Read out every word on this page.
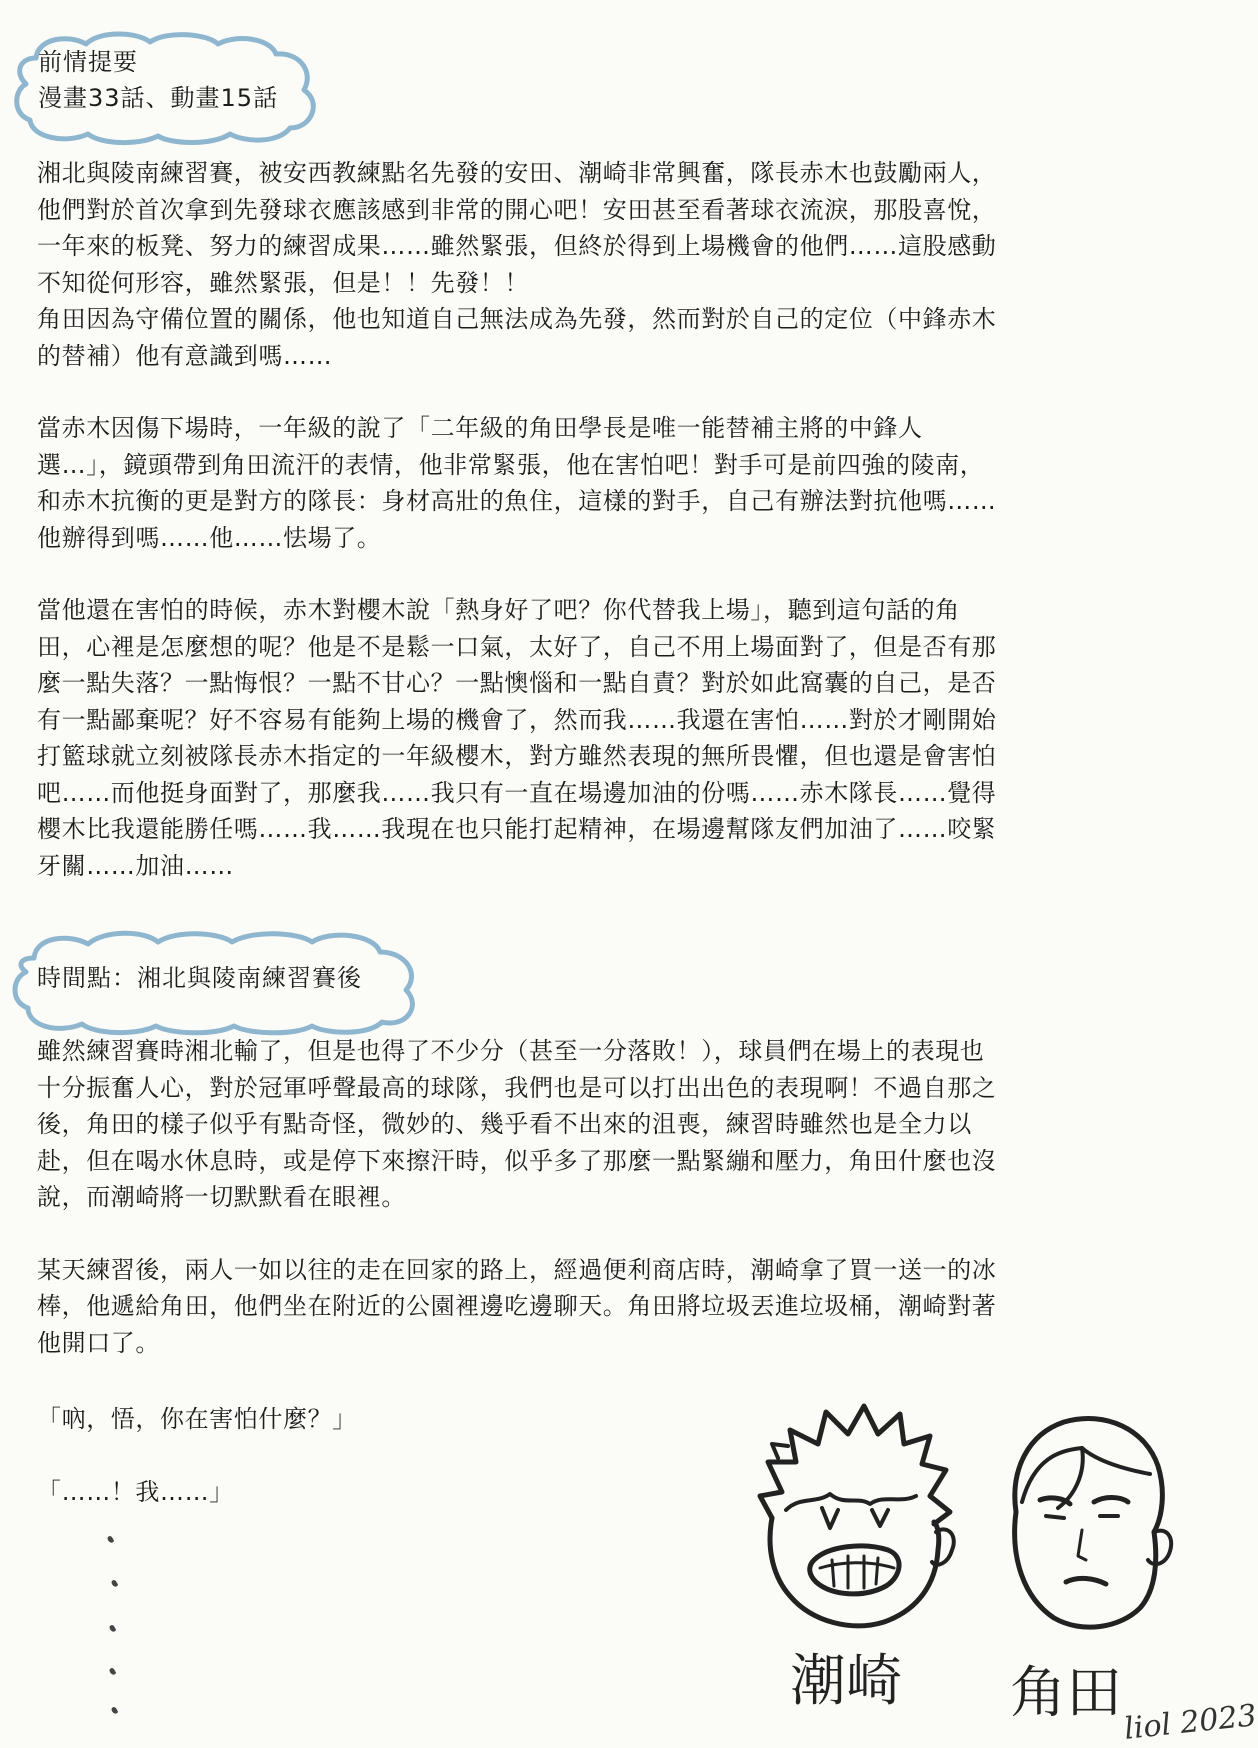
前情提要
漫畫33話、動畫15話
湘北與陵南練習賽，被安西教練點名先發的安田、潮崎非常興奮，隊長赤木也鼓勵兩人，
他們對於首次拿到先發球衣應該感到非常的開心吧！安田甚至看著球衣流淚，那股喜悅，
一年來的板凳、努力的練習成果……雖然緊張，但終於得到上場機會的他們……這股感動
不知從何形容，雖然緊張，但是！！先發！！
角田因為守備位置的關係，他也知道自己無法成為先發，然而對於自己的定位（中鋒赤木
的替補）他有意識到嗎……
當赤木因傷下場時，一年級的說了「二年級的角田學長是唯一能替補主將的中鋒人
選…」，鏡頭帶到角田流汗的表情，他非常緊張，他在害怕吧！對手可是前四強的陵南，
和赤木抗衡的更是對方的隊長：身材高壯的魚住，這樣的對手，自己有辦法對抗他嗎……
他辦得到嗎……他……怯場了。
當他還在害怕的時候，赤木對櫻木說「熱身好了吧？你代替我上場」，聽到這句話的角
田，心裡是怎麼想的呢？他是不是鬆一口氣，太好了，自己不用上場面對了，但是否有那
麼一點失落？一點悔恨？一點不甘心？一點懊惱和一點自責？對於如此窩囊的自己，是否
有一點鄙棄呢？好不容易有能夠上場的機會了，然而我……我還在害怕……對於才剛開始
打籃球就立刻被隊長赤木指定的一年級櫻木，對方雖然表現的無所畏懼，但也還是會害怕
吧……而他挺身面對了，那麼我……我只有一直在場邊加油的份嗎……赤木隊長……覺得
櫻木比我還能勝任嗎……我……我現在也只能打起精神，在場邊幫隊友們加油了……咬緊
牙關……加油……
時間點：湘北與陵南練習賽後
雖然練習賽時湘北輸了，但是也得了不少分（甚至一分落敗！），球員們在場上的表現也
十分振奮人心，對於冠軍呼聲最高的球隊，我們也是可以打出出色的表現啊！不過自那之
後，角田的樣子似乎有點奇怪，微妙的、幾乎看不出來的沮喪，練習時雖然也是全力以
赴，但在喝水休息時，或是停下來擦汗時，似乎多了那麼一點緊繃和壓力，角田什麼也沒
說，而潮崎將一切默默看在眼裡。
某天練習後，兩人一如以往的走在回家的路上，經過便利商店時，潮崎拿了買一送一的冰
棒，他遞給角田，他們坐在附近的公園裡邊吃邊聊天。角田將垃圾丟進垃圾桶，潮崎對著
他開口了。
「吶，悟，你在害怕什麼？」
「……！我……」
潮崎 角田 liol 2023
